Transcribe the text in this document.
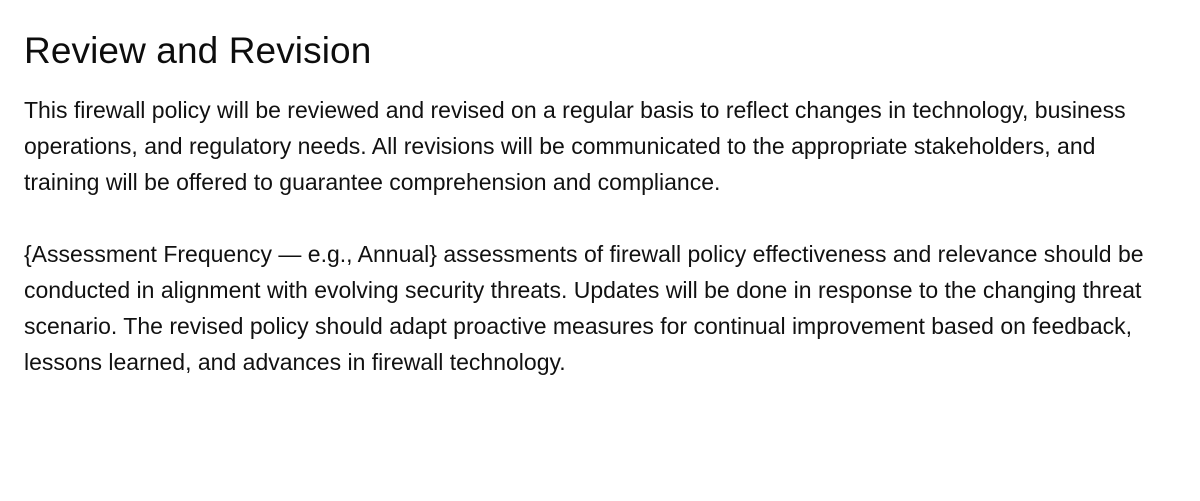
Review and Revision

This firewall policy will be reviewed and revised on a regular basis to reflect changes in technology, business operations, and regulatory needs. All revisions will be communicated to the appropriate stakeholders, and training will be offered to guarantee comprehension and compliance.

{Assessment Frequency — e.g., Annual} assessments of firewall policy effectiveness and relevance should be conducted in alignment with evolving security threats. Updates will be done in response to the changing threat scenario. The revised policy should adapt proactive measures for continual improvement based on feedback, lessons learned, and advances in firewall technology.
